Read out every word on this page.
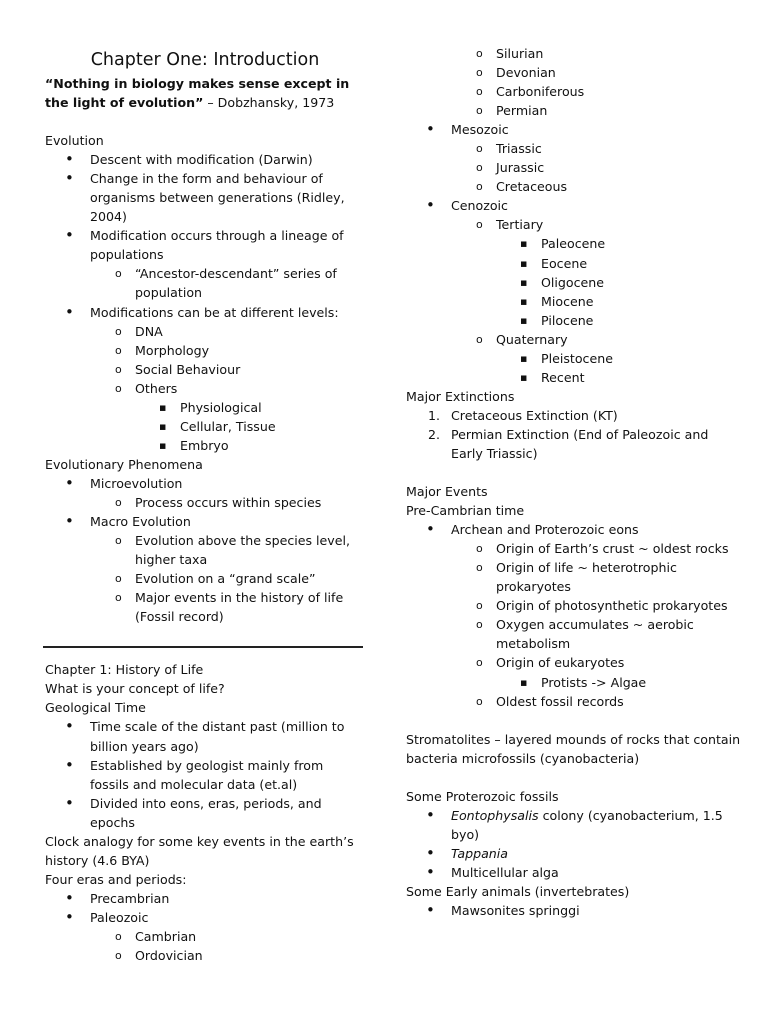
Chapter One: Introduction
“Nothing in biology makes sense except in the light of evolution” – Dobzhansky, 1973
Evolution
• Descent with modification (Darwin)
• Change in the form and behaviour of organisms between generations (Ridley, 2004)
• Modification occurs through a lineage of populations
o “Ancestor-descendant” series of population
• Modifications can be at different levels:
o DNA
o Morphology
o Social Behaviour
o Others
▪ Physiological
▪ Cellular, Tissue
▪ Embryo
Evolutionary Phenomena
• Microevolution
o Process occurs within species
• Macro Evolution
o Evolution above the species level, higher taxa
o Evolution on a “grand scale”
o Major events in the history of life (Fossil record)
Chapter 1: History of Life
What is your concept of life?
Geological Time
• Time scale of the distant past (million to billion years ago)
• Established by geologist mainly from fossils and molecular data (et.al)
• Divided into eons, eras, periods, and epochs
Clock analogy for some key events in the earth’s history (4.6 BYA)
Four eras and periods:
• Precambrian
• Paleozoic
o Cambrian
o Ordovician
o Silurian
o Devonian
o Carboniferous
o Permian
• Mesozoic
o Triassic
o Jurassic
o Cretaceous
• Cenozoic
o Tertiary
▪ Paleocene
▪ Eocene
▪ Oligocene
▪ Miocene
▪ Pilocene
o Quaternary
▪ Pleistocene
▪ Recent
Major Extinctions
1. Cretaceous Extinction (KT)
2. Permian Extinction (End of Paleozoic and Early Triassic)
Major Events
Pre-Cambrian time
• Archean and Proterozoic eons
o Origin of Earth’s crust ~ oldest rocks
o Origin of life ~ heterotrophic prokaryotes
o Origin of photosynthetic prokaryotes
o Oxygen accumulates ~ aerobic metabolism
o Origin of eukaryotes
▪ Protists -> Algae
o Oldest fossil records
Stromatolites – layered mounds of rocks that contain bacteria microfossils (cyanobacteria)
Some Proterozoic fossils
• Eontophysalis colony (cyanobacterium, 1.5 byo)
• Tappania
• Multicellular alga
Some Early animals (invertebrates)
• Mawsonites springgi
